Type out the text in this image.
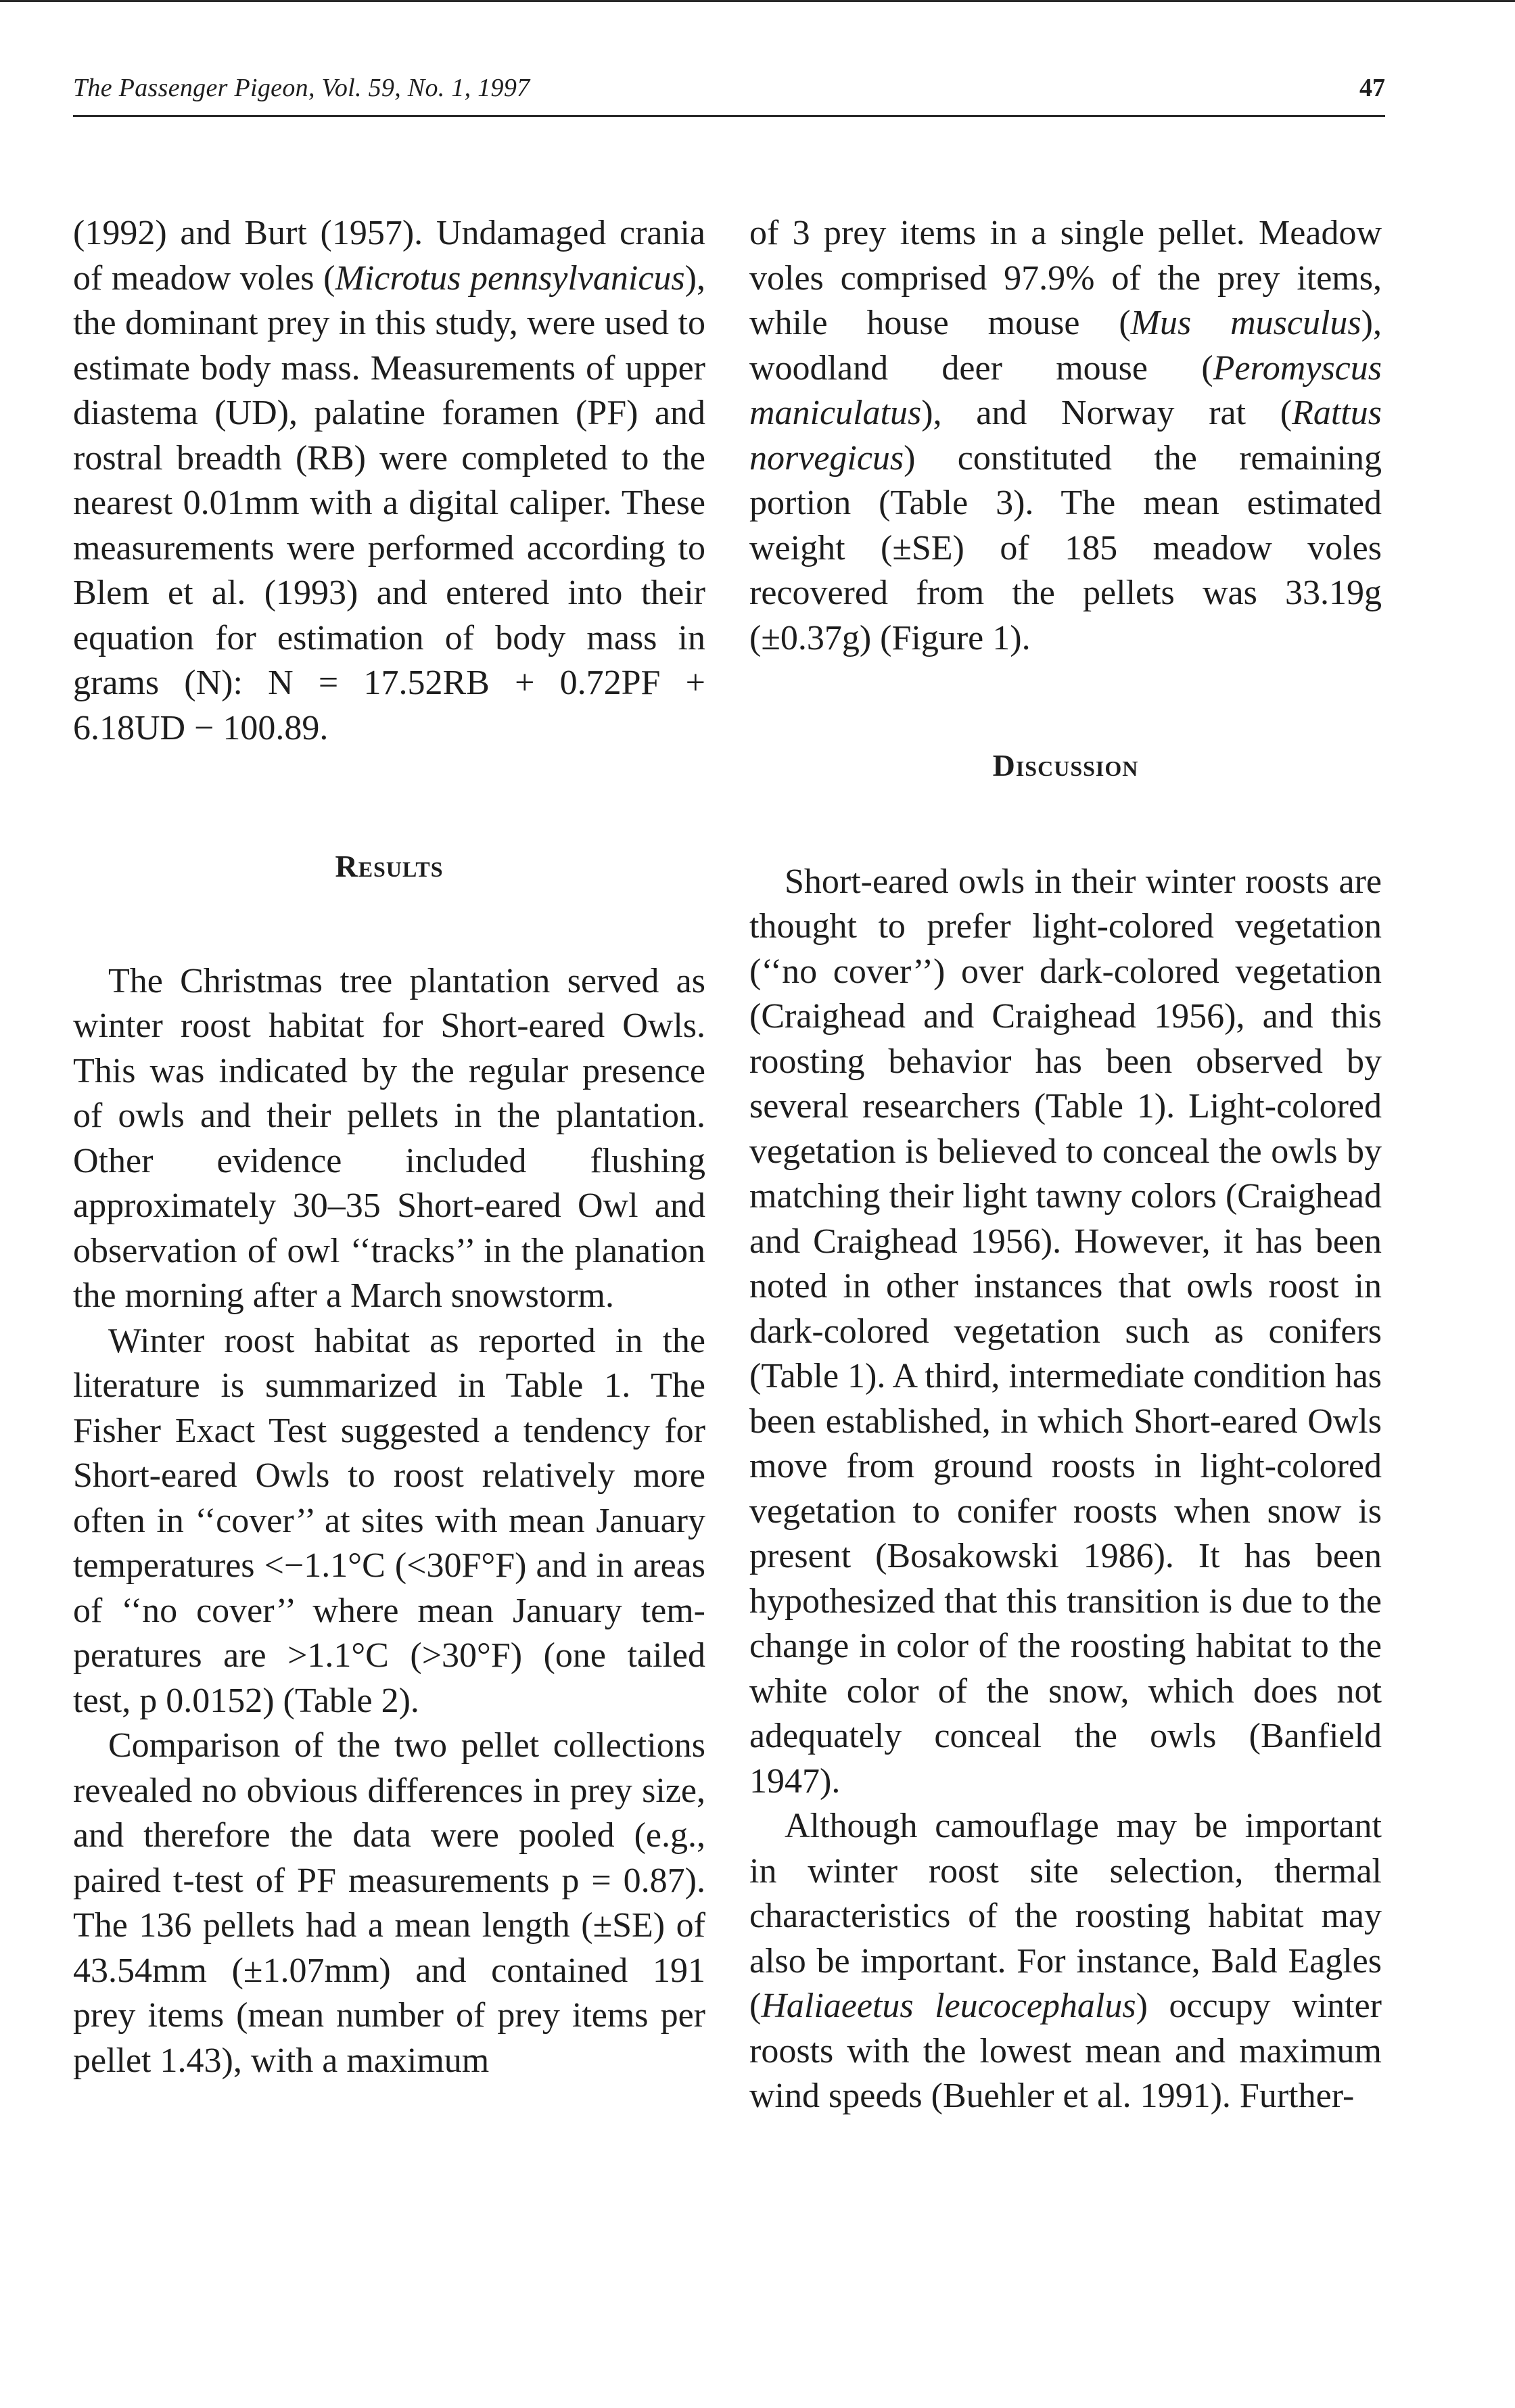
The Passenger Pigeon, Vol. 59, No. 1, 1997	47

(1992) and Burt (1957). Undamaged crania of meadow voles (Microtus pennsylvanicus), the dominant prey in this study, were used to estimate body mass. Measurements of upper diastema (UD), palatine foramen (PF) and rostral breadth (RB) were completed to the nearest 0.01mm with a digital caliper. These measurements were performed according to Blem et al. (1993) and entered into their equation for estimation of body mass in grams (N): N = 17.52RB + 0.72PF + 6.18UD − 100.89.

Results

The Christmas tree plantation served as winter roost habitat for Short-eared Owls. This was indicated by the regular presence of owls and their pellets in the plantation. Other evidence included flushing approximately 30–35 Short-eared Owl and observation of owl ‘‘tracks’’ in the planation the morning after a March snowstorm.

Winter roost habitat as reported in the literature is summarized in Table 1. The Fisher Exact Test suggested a tendency for Short-eared Owls to roost relatively more often in ‘‘cover’’ at sites with mean January temperatures <−1.1°C (<30F°F) and in areas of ‘‘no cover’’ where mean January temperatures are >1.1°C (>30°F) (one tailed test, p 0.0152) (Table 2).

Comparison of the two pellet collections revealed no obvious differences in prey size, and therefore the data were pooled (e.g., paired t-test of PF measurements p = 0.87). The 136 pellets had a mean length (±SE) of 43.54mm (±1.07mm) and contained 191 prey items (mean number of prey items per pellet 1.43), with a maximum

of 3 prey items in a single pellet. Meadow voles comprised 97.9% of the prey items, while house mouse (Mus musculus), woodland deer mouse (Peromyscus maniculatus), and Norway rat (Rattus norvegicus) constituted the remaining portion (Table 3). The mean estimated weight (±SE) of 185 meadow voles recovered from the pellets was 33.19g (±0.37g) (Figure 1).

Discussion

Short-eared owls in their winter roosts are thought to prefer light-colored vegetation (‘‘no cover’’) over dark-colored vegetation (Craighead and Craighead 1956), and this roosting behavior has been observed by several researchers (Table 1). Light-colored vegetation is believed to conceal the owls by matching their light tawny colors (Craighead and Craighead 1956). However, it has been noted in other instances that owls roost in dark-colored vegetation such as conifers (Table 1). A third, intermediate condition has been established, in which Short-eared Owls move from ground roosts in light-colored vegetation to conifer roosts when snow is present (Bosakowski 1986). It has been hypothesized that this transition is due to the change in color of the roosting habitat to the white color of the snow, which does not adequately conceal the owls (Banfield 1947).

Although camouflage may be important in winter roost site selection, thermal characteristics of the roosting habitat may also be important. For instance, Bald Eagles (Haliaeetus leucocephalus) occupy winter roosts with the lowest mean and maximum wind speeds (Buehler et al. 1991). Further-
